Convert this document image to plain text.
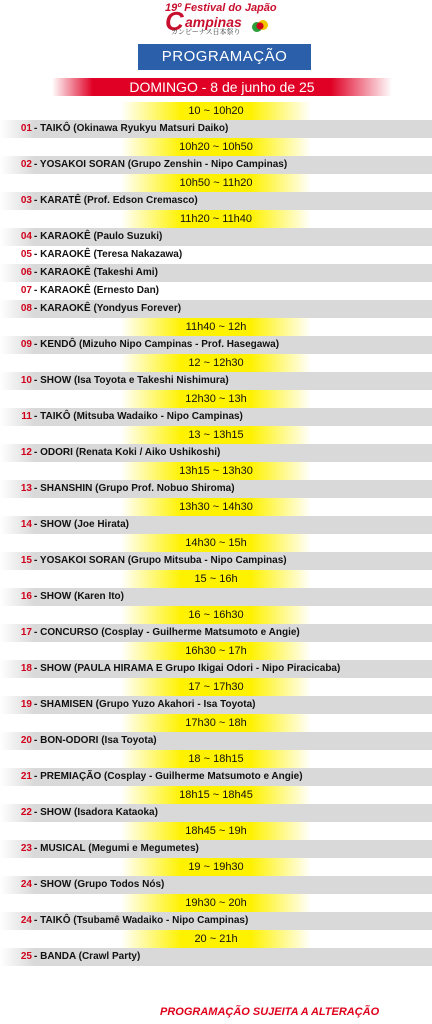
19º Festival do Japão
C ampinas
カンピーナス日本祭り
PROGRAMAÇÃO
DOMINGO - 8 de junho de 25
10 ~ 10h20
01 - TAIKÔ (Okinawa Ryukyu Matsuri Daiko)
10h20 ~ 10h50
02 - YOSAKOI SORAN (Grupo Zenshin - Nipo Campinas)
10h50 ~ 11h20
03 - KARATÊ (Prof. Edson Cremasco)
11h20 ~ 11h40
04 - KARAOKÊ (Paulo Suzuki)
05 - KARAOKÊ (Teresa Nakazawa)
06 - KARAOKÊ (Takeshi Ami)
07 - KARAOKÊ (Ernesto Dan)
08 - KARAOKÊ (Yondyus Forever)
11h40 ~ 12h
09 - KENDÔ (Mizuho Nipo Campinas - Prof. Hasegawa)
12 ~ 12h30
10 - SHOW (Isa Toyota e Takeshi Nishimura)
12h30 ~ 13h
11 - TAIKÔ (Mitsuba Wadaiko - Nipo Campinas)
13 ~ 13h15
12 - ODORI (Renata Koki / Aiko Ushikoshi)
13h15 ~ 13h30
13 - SHANSHIN (Grupo Prof. Nobuo Shiroma)
13h30 ~ 14h30
14 - SHOW (Joe Hirata)
14h30 ~ 15h
15 - YOSAKOI SORAN (Grupo Mitsuba - Nipo Campinas)
15 ~ 16h
16 - SHOW (Karen Ito)
16 ~ 16h30
17 - CONCURSO (Cosplay - Guilherme Matsumoto e Angie)
16h30 ~ 17h
18 - SHOW (PAULA HIRAMA E Grupo Ikigai Odori - Nipo Piracicaba)
17 ~ 17h30
19 - SHAMISEN (Grupo Yuzo Akahori - Isa Toyota)
17h30 ~ 18h
20 - BON-ODORI (Isa Toyota)
18 ~ 18h15
21 - PREMIAÇÃO (Cosplay - Guilherme Matsumoto e Angie)
18h15 ~ 18h45
22 - SHOW (Isadora Kataoka)
18h45 ~ 19h
23 - MUSICAL (Megumi e Megumetes)
19 ~ 19h30
24 - SHOW (Grupo Todos Nós)
19h30 ~ 20h
24 - TAIKÔ (Tsubamê Wadaiko - Nipo Campinas)
20 ~ 21h
25 - BANDA (Crawl Party)
PROGRAMAÇÃO SUJEITA A ALTERAÇÃO
